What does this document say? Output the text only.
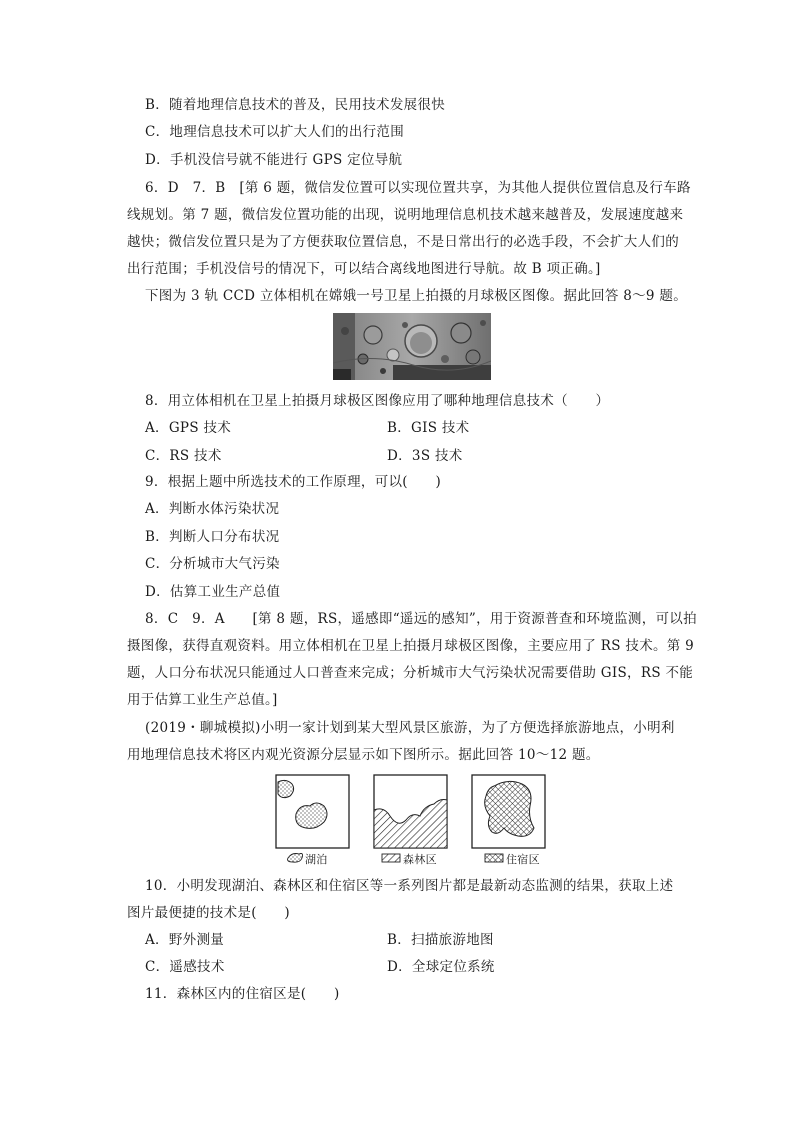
B．随着地理信息技术的普及，民用技术发展很快
C．地理信息技术可以扩大人们的出行范围
D．手机没信号就不能进行 GPS 定位导航
6．D　7．B　[第 6 题，微信发位置可以实现位置共享，为其他人提供位置信息及行车路
线规划。第 7 题，微信发位置功能的出现，说明地理信息机技术越来越普及，发展速度越来
越快；微信发位置只是为了方便获取位置信息，不是日常出行的必选手段，不会扩大人们的
出行范围；手机没信号的情况下，可以结合离线地图进行导航。故 B 项正确。]
下图为 3 轨 CCD 立体相机在嫦娥一号卫星上拍摄的月球极区图像。据此回答 8～9 题。
8．用立体相机在卫星上拍摄月球极区图像应用了哪种地理信息技术（　　）
A．GPS 技术	B．GIS 技术
C．RS 技术	D．3S 技术
9．根据上题中所选技术的工作原理，可以(　　)
A．判断水体污染状况
B．判断人口分布状况
C．分析城市大气污染
D．估算工业生产总值
8．C　9．A　　[第 8 题，RS，遥感即“遥远的感知”，用于资源普查和环境监测，可以拍
摄图像，获得直观资料。用立体相机在卫星上拍摄月球极区图像，主要应用了 RS 技术。第 9
题，人口分布状况只能通过人口普查来完成；分析城市大气污染状况需要借助 GIS，RS 不能
用于估算工业生产总值。]
(2019・聊城模拟)小明一家计划到某大型风景区旅游，为了方便选择旅游地点，小明利
用地理信息技术将区内观光资源分层显示如下图所示。据此回答 10～12 题。
湖泊	森林区	住宿区
10．小明发现湖泊、森林区和住宿区等一系列图片都是最新动态监测的结果，获取上述
图片最便捷的技术是(　　)
A．野外测量	B．扫描旅游地图
C．遥感技术	D．全球定位系统
11．森林区内的住宿区是(　　)
